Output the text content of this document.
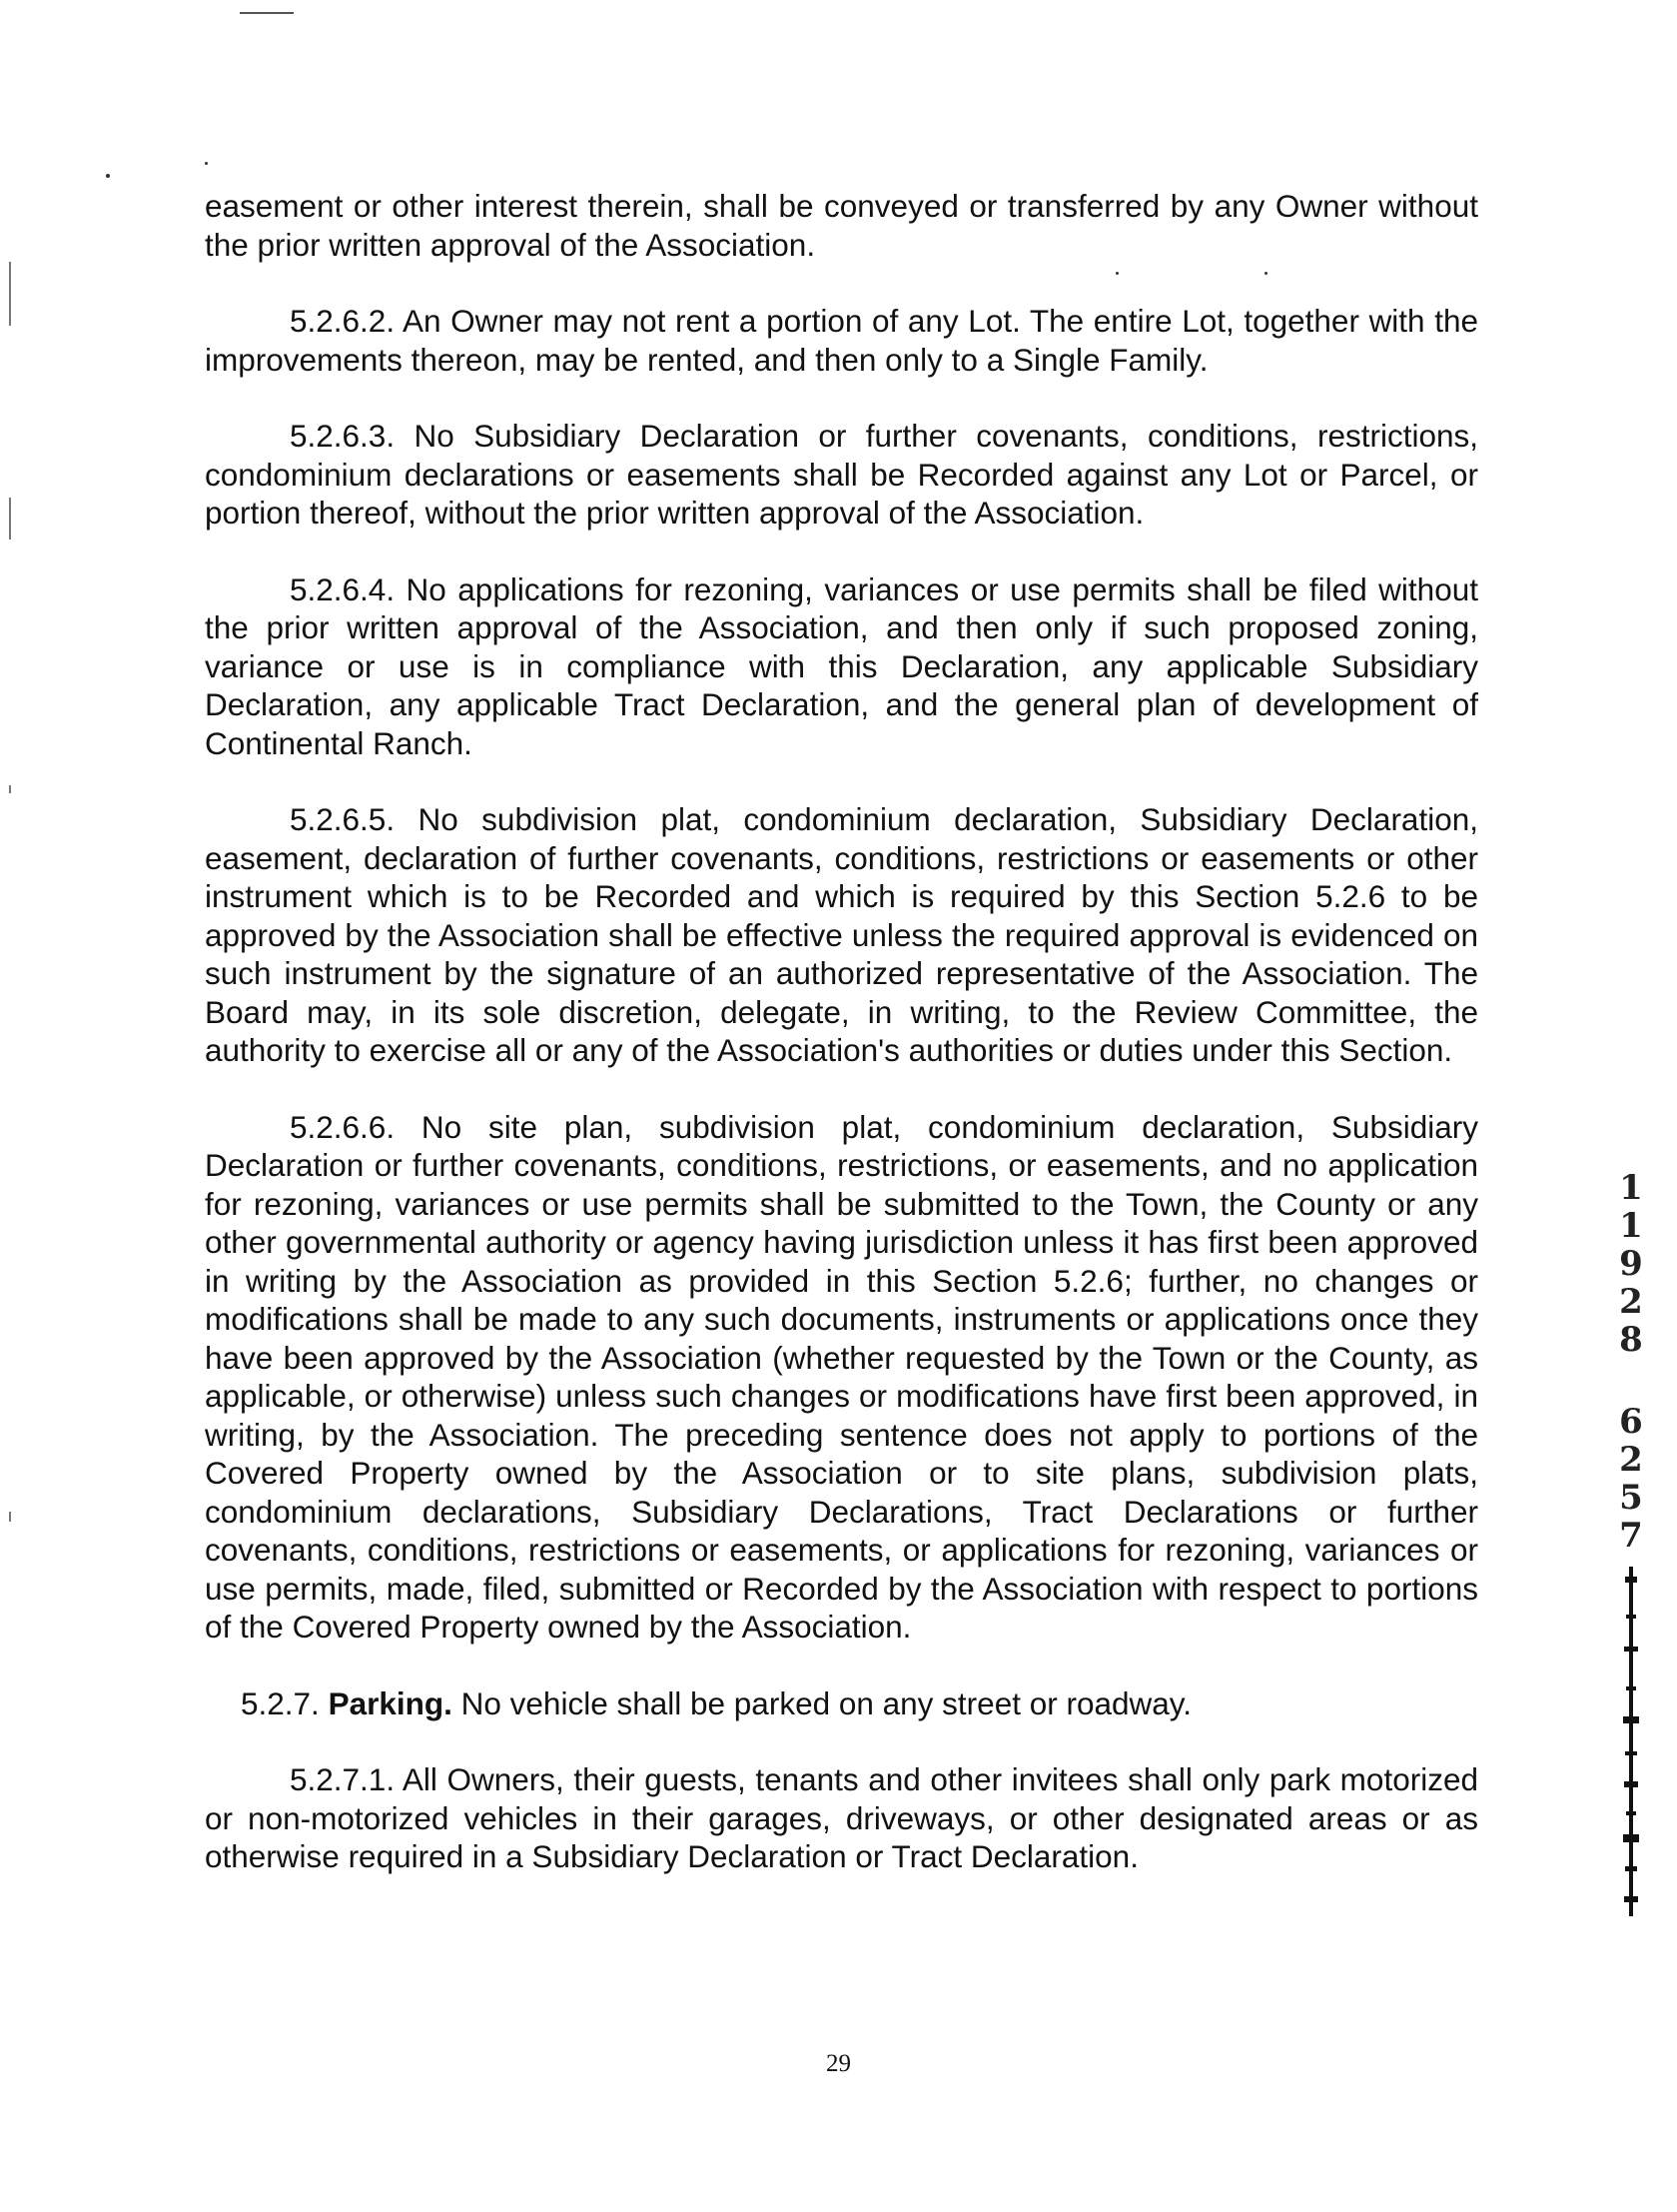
easement or other interest therein, shall be conveyed or transferred by any Owner without the prior written approval of the Association.

5.2.6.2. An Owner may not rent a portion of any Lot. The entire Lot, together with the improvements thereon, may be rented, and then only to a Single Family.

5.2.6.3. No Subsidiary Declaration or further covenants, conditions, restrictions, condominium declarations or easements shall be Recorded against any Lot or Parcel, or portion thereof, without the prior written approval of the Association.

5.2.6.4. No applications for rezoning, variances or use permits shall be filed without the prior written approval of the Association, and then only if such proposed zoning, variance or use is in compliance with this Declaration, any applicable Subsidiary Declaration, any applicable Tract Declaration, and the general plan of development of Continental Ranch.

5.2.6.5. No subdivision plat, condominium declaration, Subsidiary Declaration, easement, declaration of further covenants, conditions, restrictions or easements or other instrument which is to be Recorded and which is required by this Section 5.2.6 to be approved by the Association shall be effective unless the required approval is evidenced on such instrument by the signature of an authorized representative of the Association. The Board may, in its sole discretion, delegate, in writing, to the Review Committee, the authority to exercise all or any of the Association's authorities or duties under this Section.

5.2.6.6. No site plan, subdivision plat, condominium declaration, Subsidiary Declaration or further covenants, conditions, restrictions, or easements, and no application for rezoning, variances or use permits shall be submitted to the Town, the County or any other governmental authority or agency having jurisdiction unless it has first been approved in writing by the Association as provided in this Section 5.2.6; further, no changes or modifications shall be made to any such documents, instruments or applications once they have been approved by the Association (whether requested by the Town or the County, as applicable, or otherwise) unless such changes or modifications have first been approved, in writing, by the Association. The preceding sentence does not apply to portions of the Covered Property owned by the Association or to site plans, subdivision plats, condominium declarations, Subsidiary Declarations, Tract Declarations or further covenants, conditions, restrictions or easements, or applications for rezoning, variances or use permits, made, filed, submitted or Recorded by the Association with respect to portions of the Covered Property owned by the Association.

5.2.7. Parking. No vehicle shall be parked on any street or roadway.

5.2.7.1. All Owners, their guests, tenants and other invitees shall only park motorized or non-motorized vehicles in their garages, driveways, or other designated areas or as otherwise required in a Subsidiary Declaration or Tract Declaration.

29
1
1
9
2
8
6
2
5
7
